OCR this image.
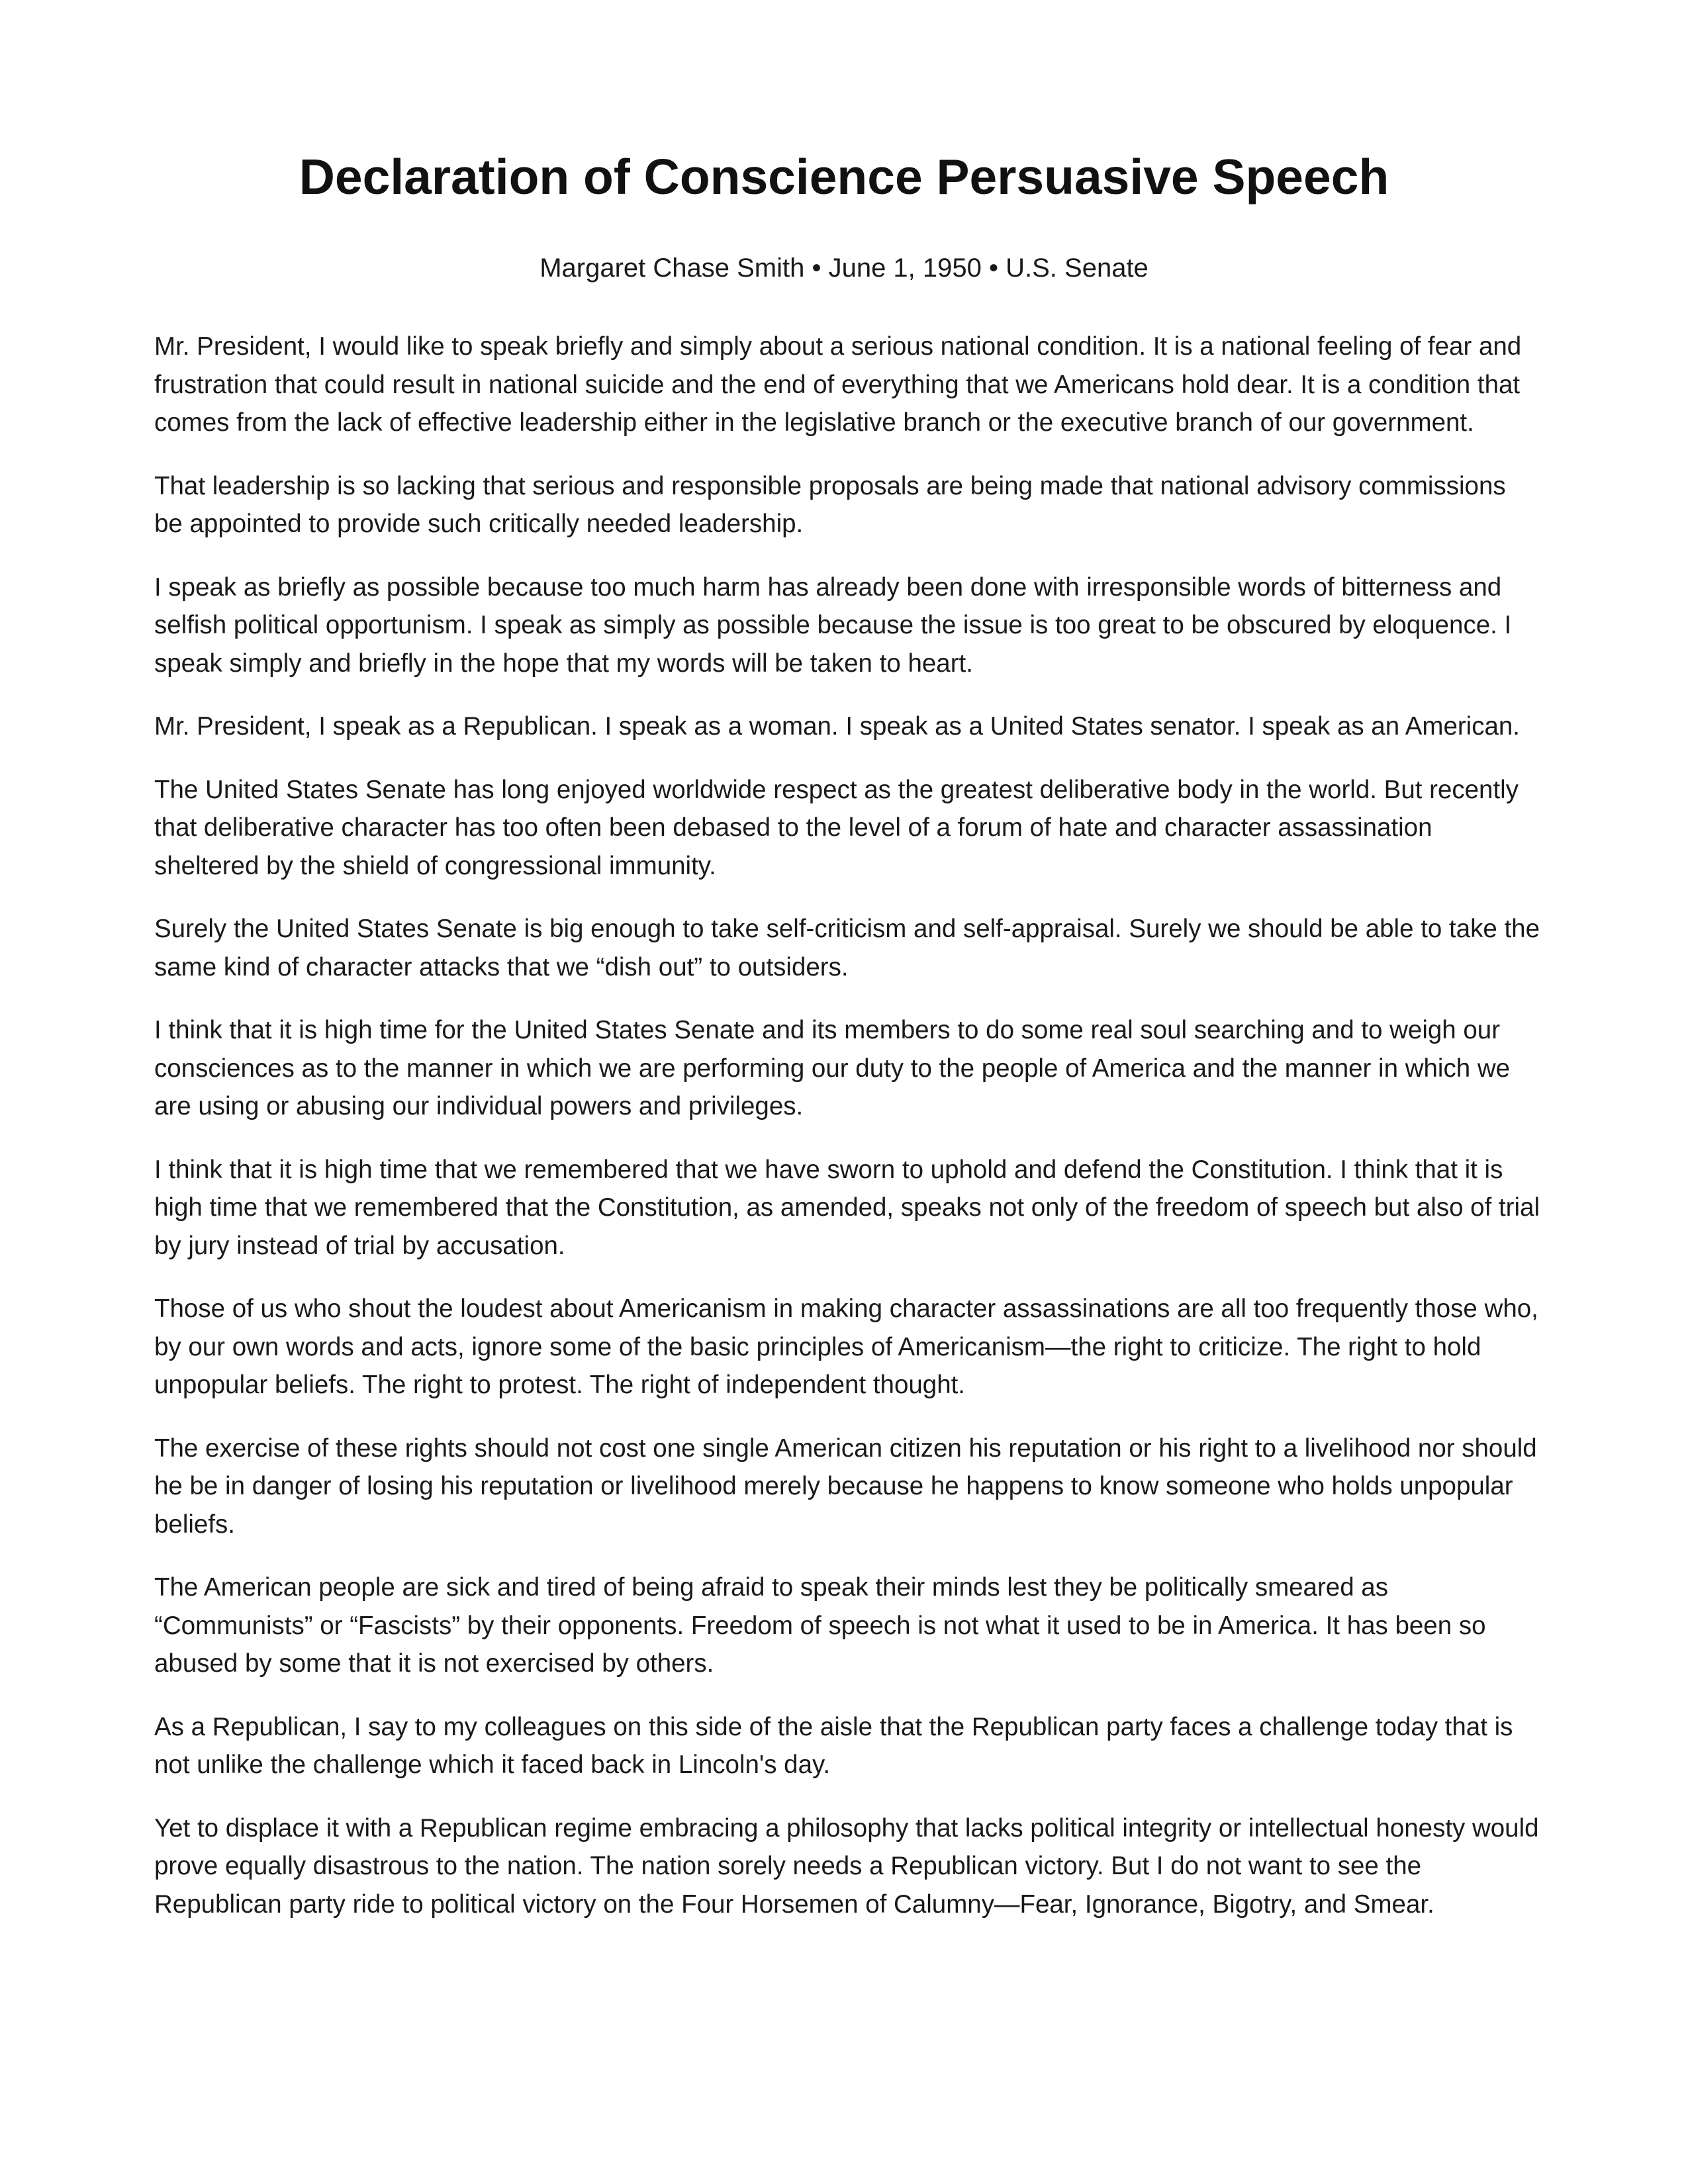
Declaration of Conscience Persuasive Speech

Margaret Chase Smith • June 1, 1950 • U.S. Senate

Mr. President, I would like to speak briefly and simply about a serious national condition. It is a national feeling of fear and frustration that could result in national suicide and the end of everything that we Americans hold dear. It is a condition that comes from the lack of effective leadership either in the legislative branch or the executive branch of our government.

That leadership is so lacking that serious and responsible proposals are being made that national advisory commissions be appointed to provide such critically needed leadership.

I speak as briefly as possible because too much harm has already been done with irresponsible words of bitterness and selfish political opportunism. I speak as simply as possible because the issue is too great to be obscured by eloquence. I speak simply and briefly in the hope that my words will be taken to heart.

Mr. President, I speak as a Republican. I speak as a woman. I speak as a United States senator. I speak as an American.

The United States Senate has long enjoyed worldwide respect as the greatest deliberative body in the world. But recently that deliberative character has too often been debased to the level of a forum of hate and character assassination sheltered by the shield of congressional immunity.

Surely the United States Senate is big enough to take self-criticism and self-appraisal. Surely we should be able to take the same kind of character attacks that we “dish out” to outsiders.

I think that it is high time for the United States Senate and its members to do some real soul searching and to weigh our consciences as to the manner in which we are performing our duty to the people of America and the manner in which we are using or abusing our individual powers and privileges.

I think that it is high time that we remembered that we have sworn to uphold and defend the Constitution. I think that it is high time that we remembered that the Constitution, as amended, speaks not only of the freedom of speech but also of trial by jury instead of trial by accusation.

Those of us who shout the loudest about Americanism in making character assassinations are all too frequently those who, by our own words and acts, ignore some of the basic principles of Americanism—the right to criticize. The right to hold unpopular beliefs. The right to protest. The right of independent thought.

The exercise of these rights should not cost one single American citizen his reputation or his right to a livelihood nor should he be in danger of losing his reputation or livelihood merely because he happens to know someone who holds unpopular beliefs.

The American people are sick and tired of being afraid to speak their minds lest they be politically smeared as “Communists” or “Fascists” by their opponents. Freedom of speech is not what it used to be in America. It has been so abused by some that it is not exercised by others.

As a Republican, I say to my colleagues on this side of the aisle that the Republican party faces a challenge today that is not unlike the challenge which it faced back in Lincoln's day.

Yet to displace it with a Republican regime embracing a philosophy that lacks political integrity or intellectual honesty would prove equally disastrous to the nation. The nation sorely needs a Republican victory. But I do not want to see the Republican party ride to political victory on the Four Horsemen of Calumny—Fear, Ignorance, Bigotry, and Smear.
